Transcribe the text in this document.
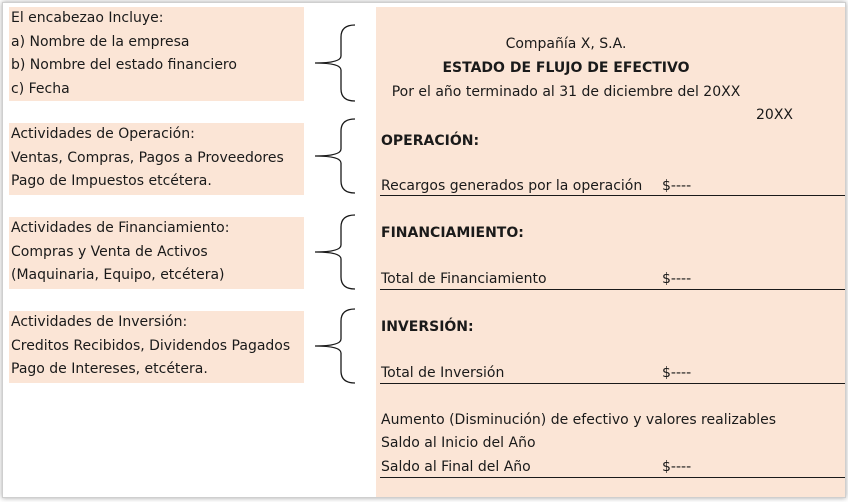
El encabezao Incluye:
a) Nombre de la empresa
b) Nombre del estado financiero
c) Fecha
Actividades de Operación:
Ventas, Compras, Pagos a Proveedores
Pago de Impuestos etcétera.
Actividades de Financiamiento:
Compras y Venta de Activos
(Maquinaria, Equipo, etcétera)
Actividades de Inversión:
Creditos Recibidos, Dividendos Pagados
Pago de Intereses, etcétera.
Compañía X, S.A.
ESTADO DE FLUJO DE EFECTIVO
Por el año terminado al 31 de diciembre del 20XX
20XX
OPERACIÓN:
Recargos generados por la operación $----
FINANCIAMIENTO:
Total de Financiamiento	$----
INVERSIÓN:
Total de Inversión	$----
Aumento (Disminución) de efectivo y valores realizables
Saldo al Inicio del Año
Saldo al Final del Año	$----
